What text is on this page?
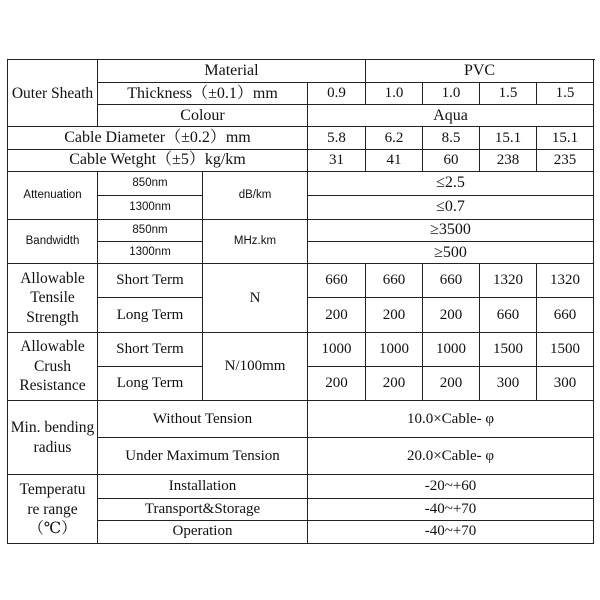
Outer Sheath	Material			PVC			
	Thickness（±0.1）mm		0.9	1.0	1.0	1.5	1.5
	Colour		Aqua				
Cable Diameter（±0.2）mm			5.8	6.2	8.5	15.1	15.1
Cable Wetght（±5）kg/km			31	41	60	238	235
Attenuation	850nm	dB/km	≤2.5				
	1300nm		≤0.7				
Bandwidth	850nm	MHz.km	≥3500				
	1300nm		≥500				
Allowable Tensile Strength	Short Term	N	660	660	660	1320	1320
	Long Term		200	200	200	660	660
Allowable Crush Resistance	Short Term	N/100mm	1000	1000	1000	1500	1500
	Long Term		200	200	200	300	300
Min. bending radius	Without Tension		10.0×Cable- φ				
	Under Maximum Tension		20.0×Cable- φ				
Temperatu
re range
（℃）	Installation		-20~+60				
	Transport&Storage		-40~+70				
	Operation		-40~+70				
